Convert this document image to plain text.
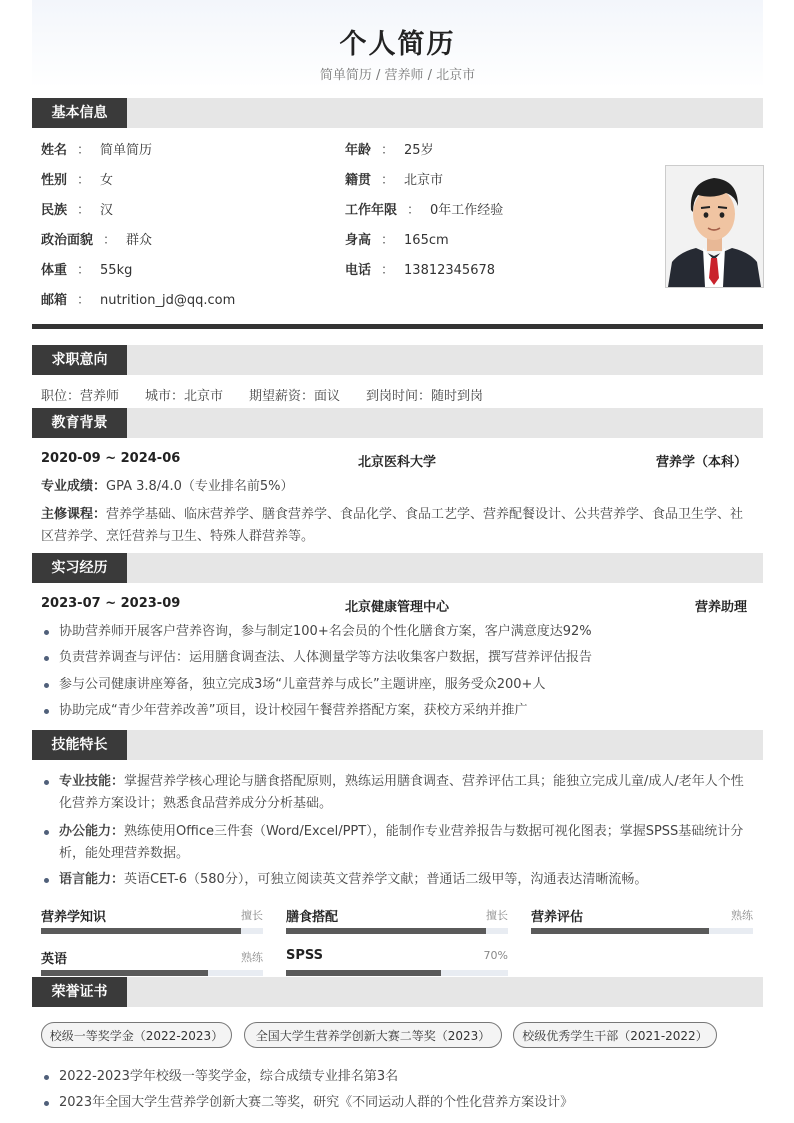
个人简历
简单简历 / 营养师 / 北京市
基本信息
姓名 ： 简单简历	年龄 ： 25岁
性别 ： 女	籍贯 ： 北京市
民族 ： 汉	工作年限 ： 0年工作经验
政治面貌 ： 群众	身高 ： 165cm
体重 ： 55kg	电话 ： 13812345678
邮箱 ： nutrition_jd@qq.com
求职意向
职位：营养师　　城市：北京市　　期望薪资：面议　　到岗时间：随时到岗
教育背景
2020-09 ~ 2024-06	北京医科大学	营养学（本科）
专业成绩：GPA 3.8/4.0（专业排名前5%）
主修课程：营养学基础、临床营养学、膳食营养学、食品化学、食品工艺学、营养配餐设计、公共营养学、食品卫生学、社区营养学、烹饪营养与卫生、特殊人群营养等。
实习经历
2023-07 ~ 2023-09	北京健康管理中心	营养助理
协助营养师开展客户营养咨询，参与制定100+名会员的个性化膳食方案，客户满意度达92%
负责营养调查与评估：运用膳食调查法、人体测量学等方法收集客户数据，撰写营养评估报告
参与公司健康讲座筹备，独立完成3场“儿童营养与成长”主题讲座，服务受众200+人
协助完成“青少年营养改善”项目，设计校园午餐营养搭配方案，获校方采纳并推广
技能特长
专业技能：掌握营养学核心理论与膳食搭配原则，熟练运用膳食调查、营养评估工具；能独立完成儿童/成人/老年人个性化营养方案设计；熟悉食品营养成分分析基础。
办公能力：熟练使用Office三件套（Word/Excel/PPT），能制作专业营养报告与数据可视化图表；掌握SPSS基础统计分析，能处理营养数据。
语言能力：英语CET-6（580分），可独立阅读英文营养学文献；普通话二级甲等，沟通表达清晰流畅。
营养学知识	擅长 膳食搭配	擅长 营养评估	熟练
英语	熟练 SPSS	70%
荣誉证书
校级一等奖学金（2022-2023）	全国大学生营养学创新大赛二等奖（2023）	校级优秀学生干部（2021-2022）
2022-2023学年校级一等奖学金，综合成绩专业排名第3名
2023年全国大学生营养学创新大赛二等奖，研究《不同运动人群的个性化营养方案设计》
